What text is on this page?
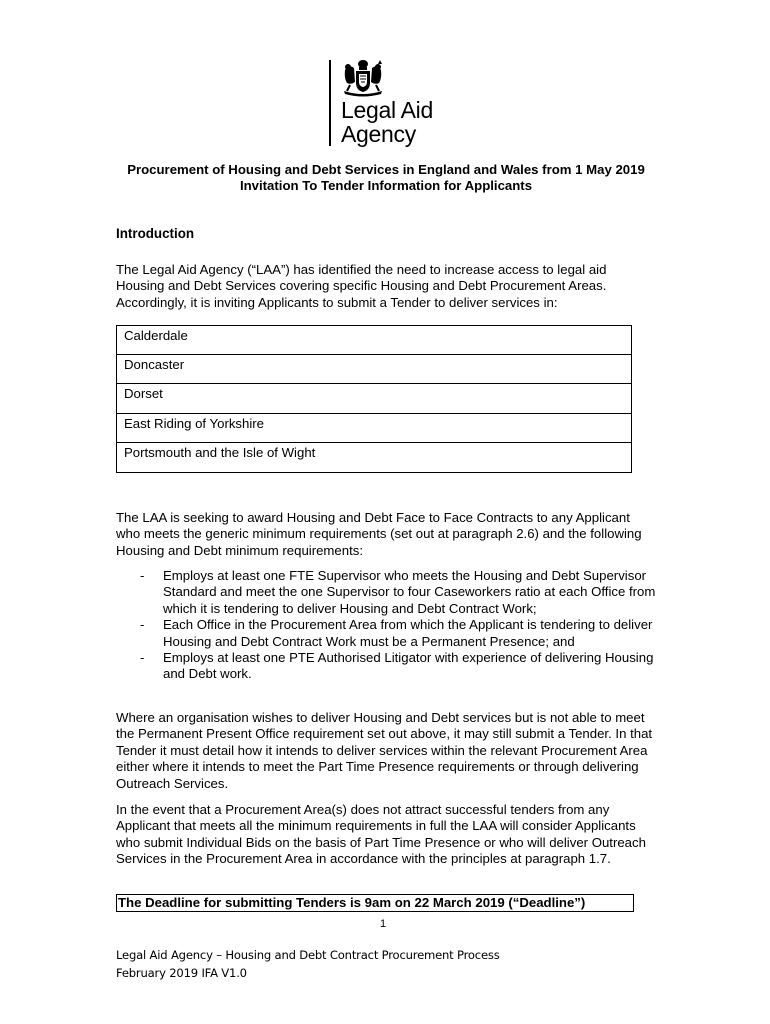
Legal Aid
Agency
Procurement of Housing and Debt Services in England and Wales from 1 May 2019
Invitation To Tender Information for Applicants
Introduction
The Legal Aid Agency (“LAA”) has identified the need to increase access to legal aid Housing and Debt Services covering specific Housing and Debt Procurement Areas. Accordingly, it is inviting Applicants to submit a Tender to deliver services in:
Calderdale
Doncaster
Dorset
East Riding of Yorkshire
Portsmouth and the Isle of Wight
The LAA is seeking to award Housing and Debt Face to Face Contracts to any Applicant who meets the generic minimum requirements (set out at paragraph 2.6) and the following Housing and Debt minimum requirements:
- Employs at least one FTE Supervisor who meets the Housing and Debt Supervisor Standard and meet the one Supervisor to four Caseworkers ratio at each Office from which it is tendering to deliver Housing and Debt Contract Work;
- Each Office in the Procurement Area from which the Applicant is tendering to deliver Housing and Debt Contract Work must be a Permanent Presence; and
- Employs at least one PTE Authorised Litigator with experience of delivering Housing and Debt work.
Where an organisation wishes to deliver Housing and Debt services but is not able to meet the Permanent Present Office requirement set out above, it may still submit a Tender. In that Tender it must detail how it intends to deliver services within the relevant Procurement Area either where it intends to meet the Part Time Presence requirements or through delivering Outreach Services.
In the event that a Procurement Area(s) does not attract successful tenders from any Applicant that meets all the minimum requirements in full the LAA will consider Applicants who submit Individual Bids on the basis of Part Time Presence or who will deliver Outreach Services in the Procurement Area in accordance with the principles at paragraph 1.7.
The Deadline for submitting Tenders is 9am on 22 March 2019 (“Deadline”)
1
Legal Aid Agency – Housing and Debt Contract Procurement Process
February 2019 IFA V1.0
